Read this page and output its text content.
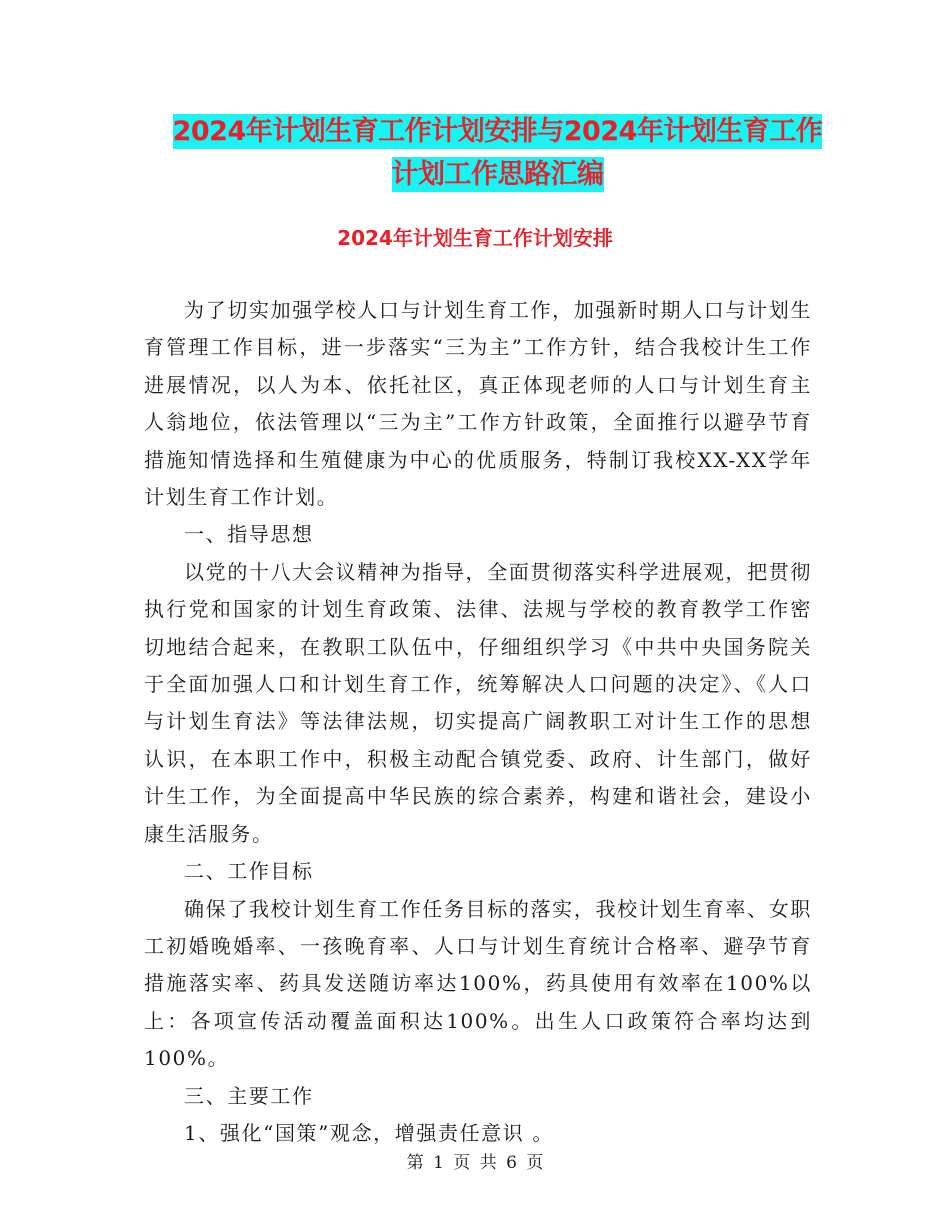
2024年计划生育工作计划安排与2024年计划生育工作
计划工作思路汇编
2024年计划生育工作计划安排

为了切实加强学校人口与计划生育工作，加强新时期人口与计划生育管理工作目标，进一步落实“三为主”工作方针，结合我校计生工作进展情况，以人为本、依托社区，真正体现老师的人口与计划生育主人翁地位，依法管理以“三为主”工作方针政策，全面推行以避孕节育措施知情选择和生殖健康为中心的优质服务，特制订我校XX-XX学年计划生育工作计划。

一、指导思想

以党的十八大会议精神为指导，全面贯彻落实科学进展观，把贯彻执行党和国家的计划生育政策、法律、法规与学校的教育教学工作密切地结合起来，在教职工队伍中，仔细组织学习《中共中央国务院关于全面加强人口和计划生育工作，统筹解决人口问题的决定》、《人口与计划生育法》等法律法规，切实提高广阔教职工对计生工作的思想认识，在本职工作中，积极主动配合镇党委、政府、计生部门，做好计生工作，为全面提高中华民族的综合素养，构建和谐社会，建设小康生活服务。

二、工作目标

确保了我校计划生育工作任务目标的落实，我校计划生育率、女职工初婚晚婚率、一孩晚育率、人口与计划生育统计合格率、避孕节育措施落实率、药具发送随访率达100%，药具使用有效率在100%以上：各项宣传活动覆盖面积达100%。出生人口政策符合率均达到100%。

三、主要工作

1、强化“国策”观念，增强责任意识 。

第 1 页 共 6 页
